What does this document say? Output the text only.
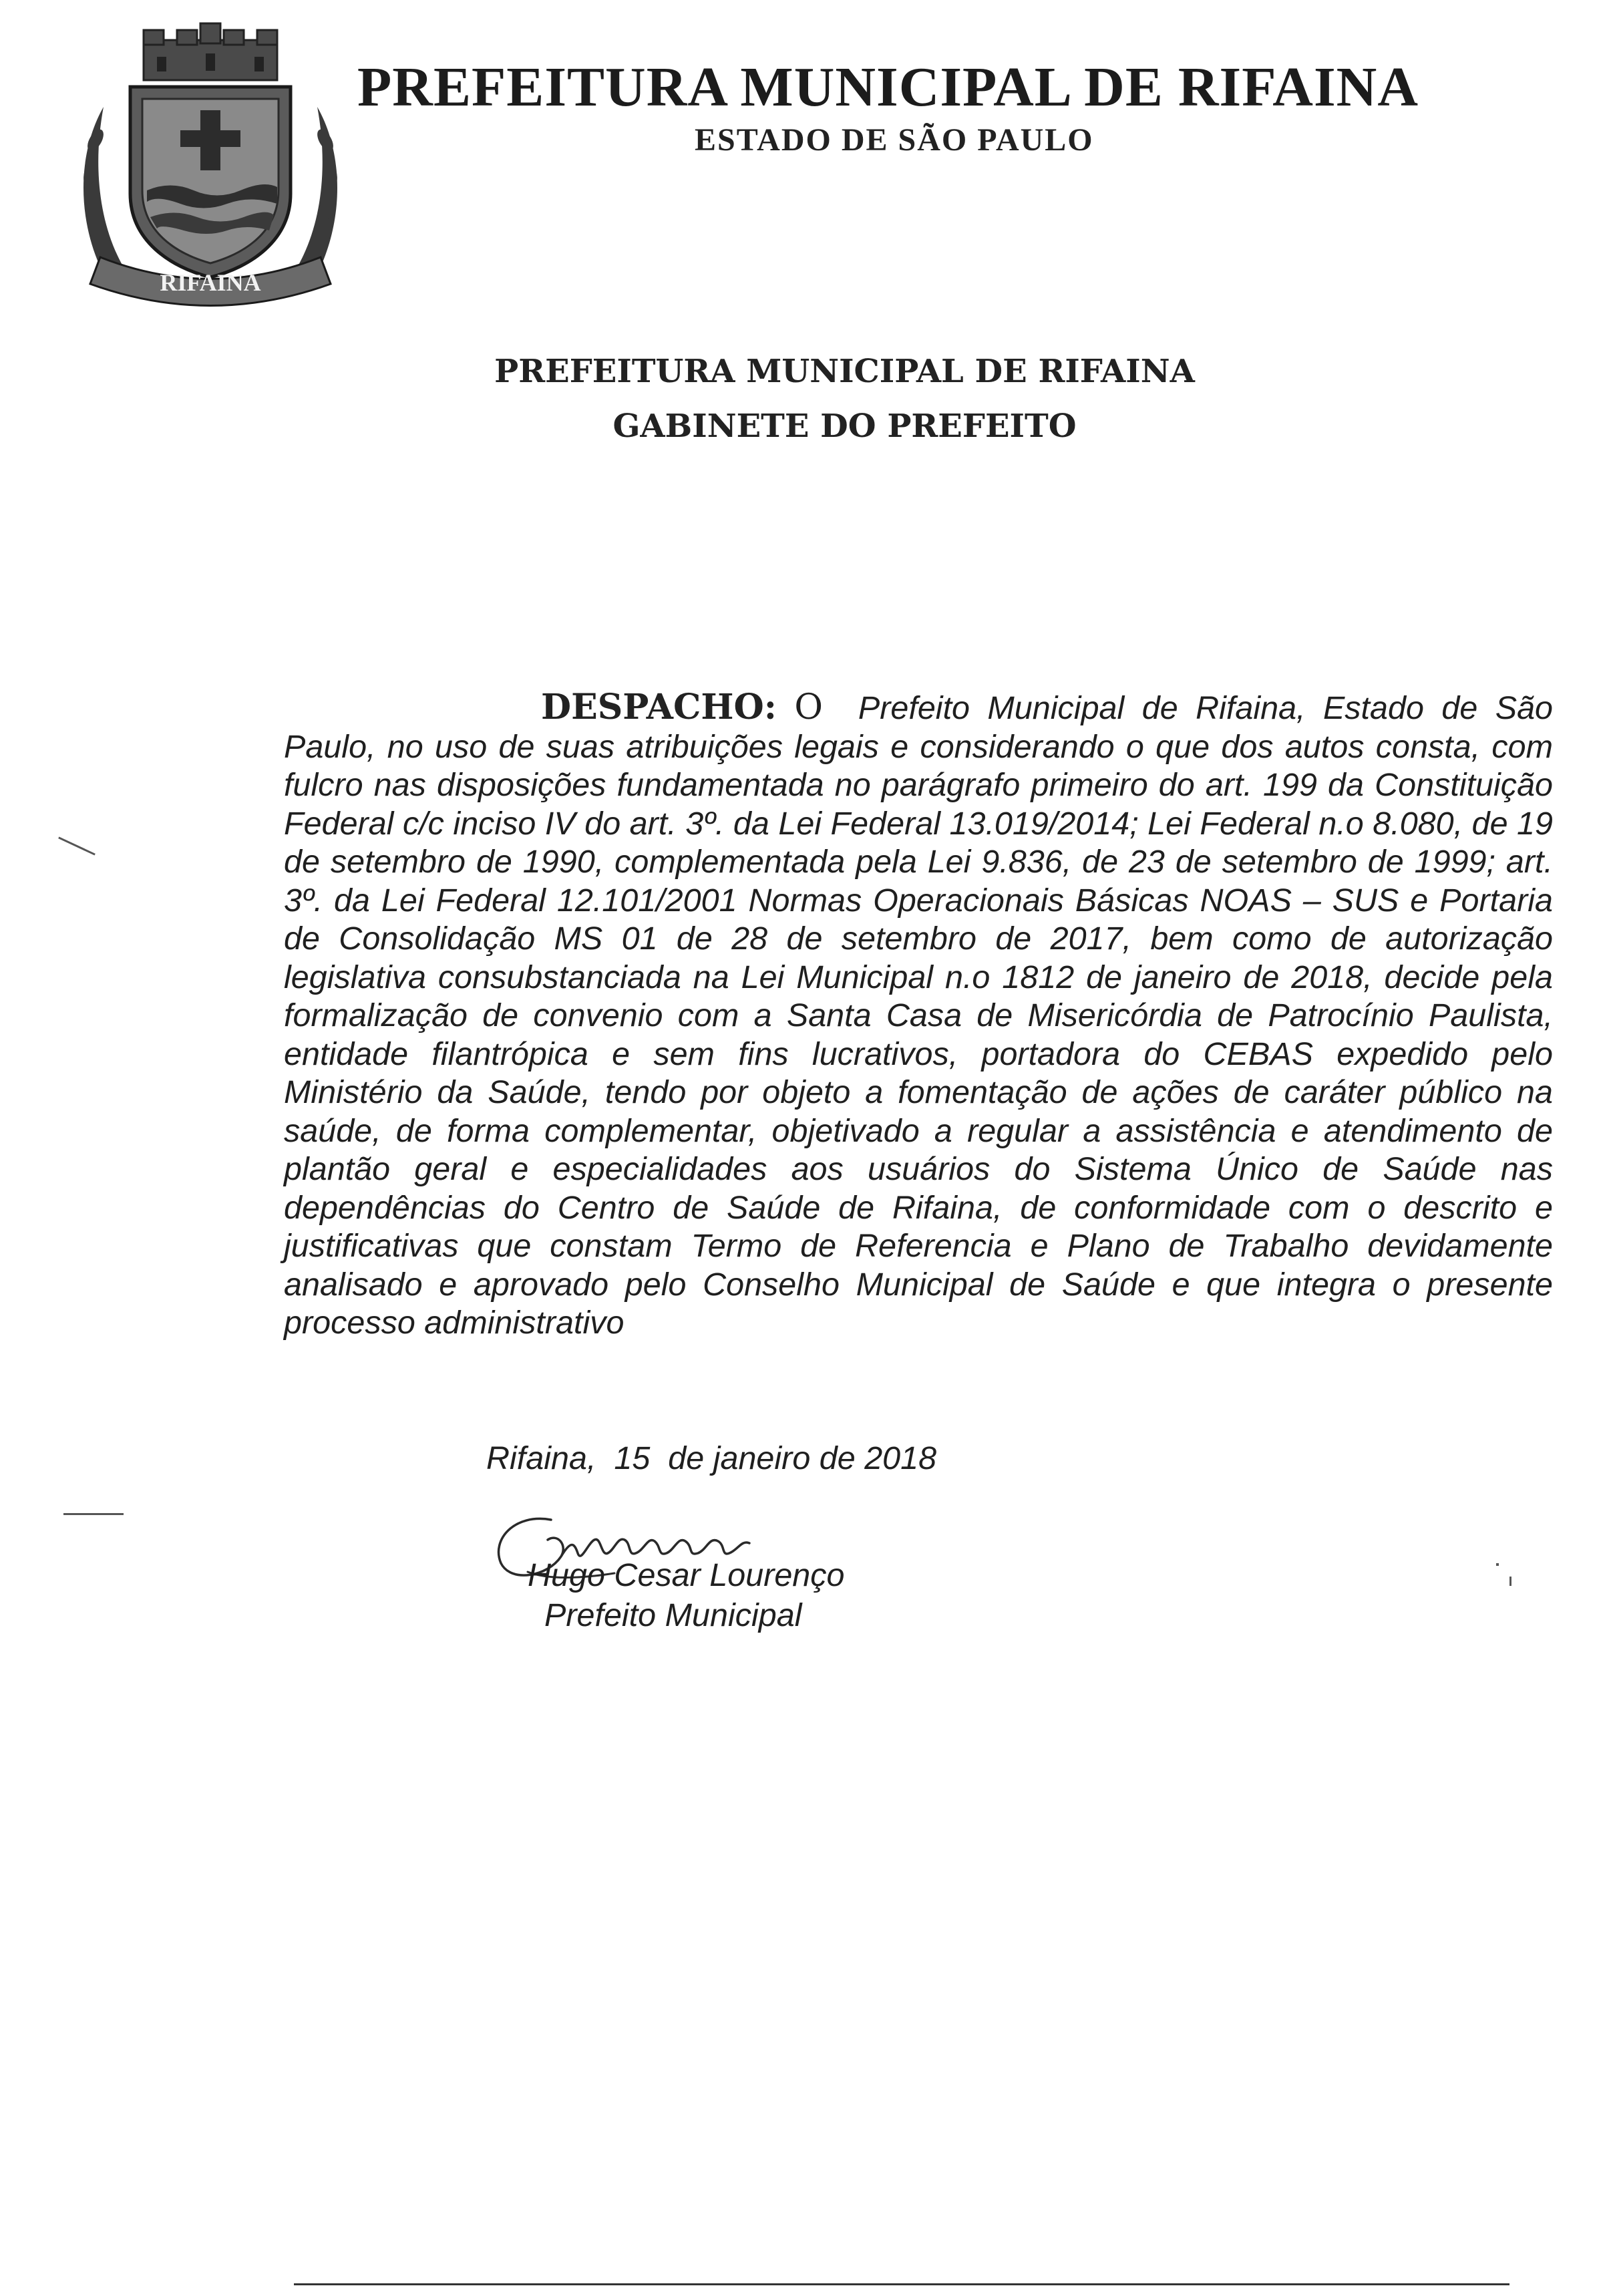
RIFAINA
PREFEITURA MUNICIPAL DE RIFAINA
ESTADO DE SÃO PAULO
PREFEITURA MUNICIPAL DE RIFAINA
GABINETE DO PREFEITO
DESPACHO: O Prefeito Municipal de Rifaina, Estado de São Paulo, no uso de suas atribuições legais e considerando o que dos autos consta, com fulcro nas disposições fundamentada no parágrafo primeiro do art. 199 da Constituição Federal c/c inciso IV do art. 3º. da Lei Federal 13.019/2014; Lei Federal n.o 8.080, de 19 de setembro de 1990, complementada pela Lei 9.836, de 23 de setembro de 1999; art. 3º. da Lei Federal 12.101/2001 Normas Operacionais Básicas NOAS – SUS e Portaria de Consolidação MS 01 de 28 de setembro de 2017, bem como de autorização legislativa consubstanciada na Lei Municipal n.o 1812 de janeiro de 2018, decide pela formalização de convenio com a Santa Casa de Misericórdia de Patrocínio Paulista, entidade filantrópica e sem fins lucrativos, portadora do CEBAS expedido pelo Ministério da Saúde, tendo por objeto a fomentação de ações de caráter público na saúde, de forma complementar, objetivado a regular a assistência e atendimento de plantão geral e especialidades aos usuários do Sistema Único de Saúde nas dependências do Centro de Saúde de Rifaina, de conformidade com o descrito e justificativas que constam Termo de Referencia e Plano de Trabalho devidamente analisado e aprovado pelo Conselho Municipal de Saúde e que integra o presente processo administrativo
Rifaina,  15  de janeiro de 2018
Hugo Cesar Lourenço
Prefeito Municipal
